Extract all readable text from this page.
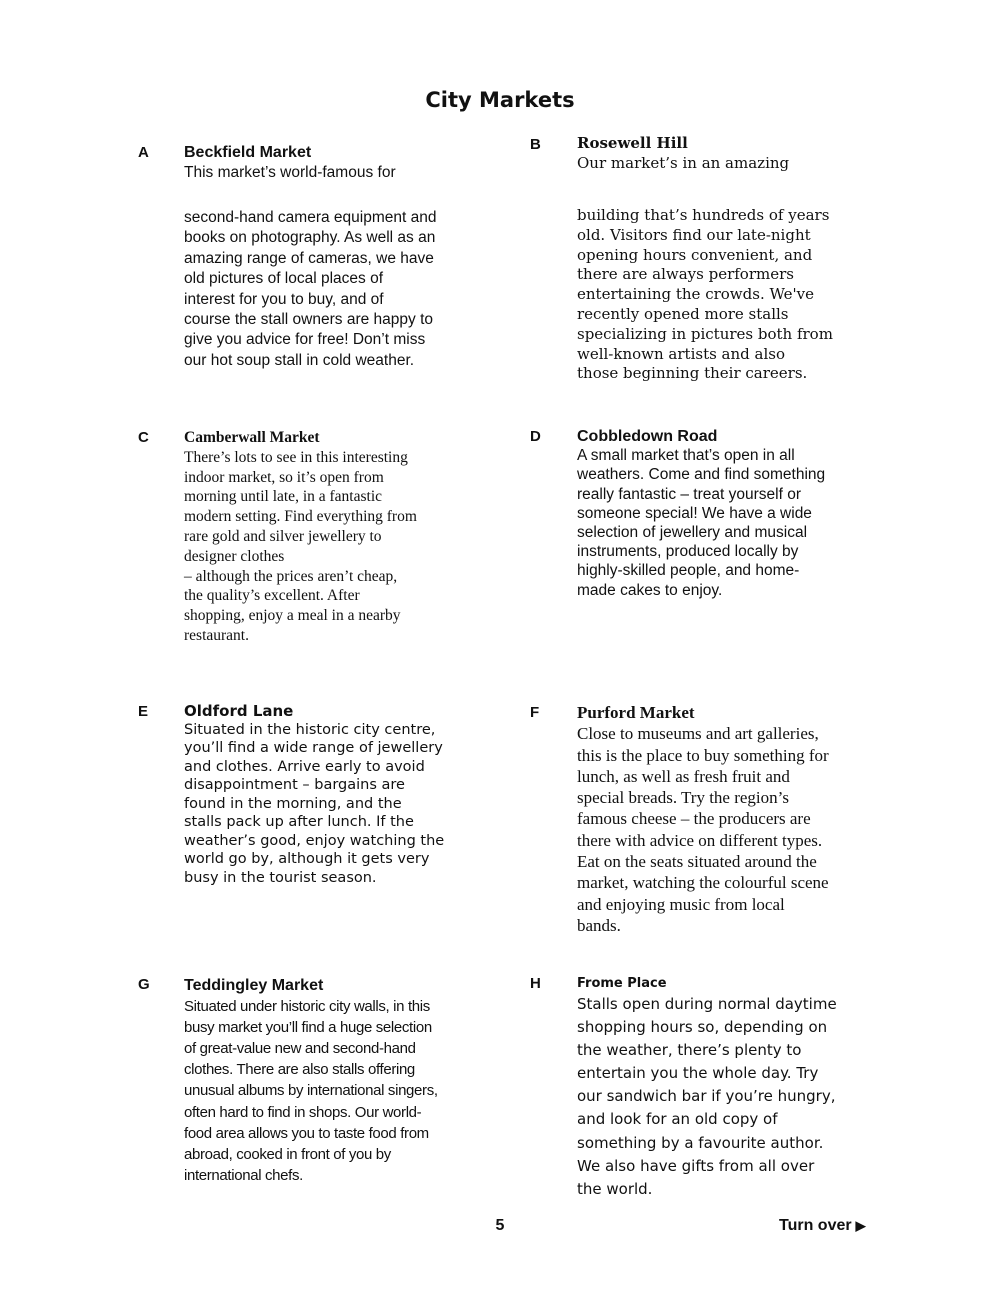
City Markets
A Beckfield Market
This market’s world-famous for
second-hand camera equipment and
books on photography. As well as an
amazing range of cameras, we have
old pictures of local places of
interest for you to buy, and of
course the stall owners are happy to
give you advice for free! Don’t miss
our hot soup stall in cold weather.
B Rosewell Hill
Our market’s in an amazing
building that’s hundreds of years
old. Visitors find our late-night
opening hours convenient, and
there are always performers
entertaining the crowds. We've
recently opened more stalls
specializing in pictures both from
well-known artists and also
those beginning their careers.
C Camberwall Market
There’s lots to see in this interesting
indoor market, so it’s open from
morning until late, in a fantastic
modern setting. Find everything from
rare gold and silver jewellery to
designer clothes
– although the prices aren’t cheap,
the quality’s excellent. After
shopping, enjoy a meal in a nearby
restaurant.
D Cobbledown Road
A small market that’s open in all
weathers. Come and find something
really fantastic – treat yourself or
someone special! We have a wide
selection of jewellery and musical
instruments, produced locally by
highly-skilled people, and home-
made cakes to enjoy.
E Oldford Lane
Situated in the historic city centre,
you’ll find a wide range of jewellery
and clothes. Arrive early to avoid
disappointment – bargains are
found in the morning, and the
stalls pack up after lunch. If the
weather’s good, enjoy watching the
world go by, although it gets very
busy in the tourist season.
F Purford Market
Close to museums and art galleries,
this is the place to buy something for
lunch, as well as fresh fruit and
special breads. Try the region’s
famous cheese – the producers are
there with advice on different types.
Eat on the seats situated around the
market, watching the colourful scene
and enjoying music from local
bands.
G Teddingley Market
Situated under historic city walls, in this
busy market you’ll find a huge selection
of great-value new and second-hand
clothes. There are also stalls offering
unusual albums by international singers,
often hard to find in shops. Our world-
food area allows you to taste food from
abroad, cooked in front of you by
international chefs.
H	Frome Place
Stalls open during normal daytime
shopping hours so, depending on
the weather, there’s plenty to
entertain you the whole day. Try
our sandwich bar if you’re hungry,
and look for an old copy of
something by a favourite author.
We also have gifts from all over
the world.
5	Turn over ▶
